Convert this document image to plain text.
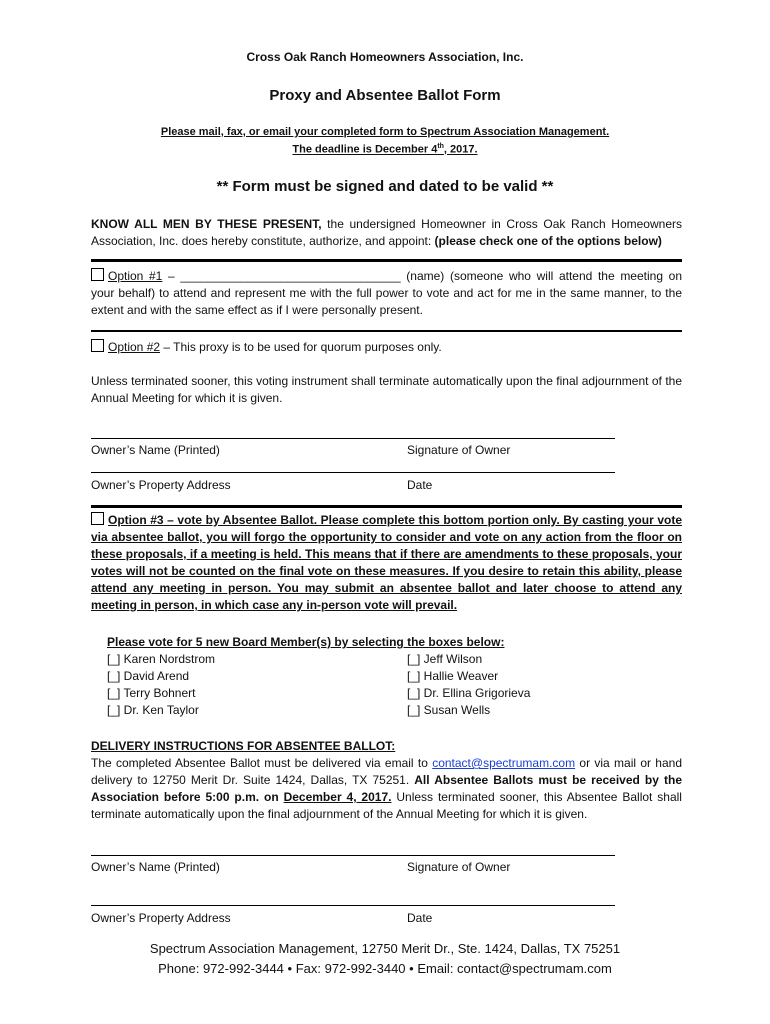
Cross Oak Ranch Homeowners Association, Inc.
Proxy and Absentee Ballot Form
Please mail, fax, or email your completed form to Spectrum Association Management.
The deadline is December 4th, 2017.
** Form must be signed and dated to be valid **
KNOW ALL MEN BY THESE PRESENT, the undersigned Homeowner in Cross Oak Ranch Homeowners Association, Inc. does hereby constitute, authorize, and appoint: (please check one of the options below)
Option #1 – _________________________________ (name) (someone who will attend the meeting on your behalf) to attend and represent me with the full power to vote and act for me in the same manner, to the extent and with the same effect as if I were personally present.
Option #2 – This proxy is to be used for quorum purposes only.
Unless terminated sooner, this voting instrument shall terminate automatically upon the final adjournment of the Annual Meeting for which it is given.
Owner’s Name (Printed)	Signature of Owner
Owner’s Property Address	Date
Option #3 – vote by Absentee Ballot. Please complete this bottom portion only. By casting your vote via absentee ballot, you will forgo the opportunity to consider and vote on any action from the floor on these proposals, if a meeting is held. This means that if there are amendments to these proposals, your votes will not be counted on the final vote on these measures. If you desire to retain this ability, please attend any meeting in person. You may submit an absentee ballot and later choose to attend any meeting in person, in which case any in-person vote will prevail.
Please vote for 5 new Board Member(s) by selecting the boxes below:
[_] Karen Nordstrom
[_] David Arend
[_] Terry Bohnert
[_] Dr. Ken Taylor
[_] Jeff Wilson
[_] Hallie Weaver
[_] Dr. Ellina Grigorieva
[_] Susan Wells
DELIVERY INSTRUCTIONS FOR ABSENTEE BALLOT:
The completed Absentee Ballot must be delivered via email to contact@spectrumam.com or via mail or hand delivery to 12750 Merit Dr. Suite 1424, Dallas, TX 75251. All Absentee Ballots must be received by the Association before 5:00 p.m. on December 4, 2017. Unless terminated sooner, this Absentee Ballot shall terminate automatically upon the final adjournment of the Annual Meeting for which it is given.
Owner’s Name (Printed)	Signature of Owner
Owner’s Property Address	Date
Spectrum Association Management, 12750 Merit Dr., Ste. 1424, Dallas, TX 75251
Phone: 972-992-3444 • Fax: 972-992-3440 • Email: contact@spectrumam.com
